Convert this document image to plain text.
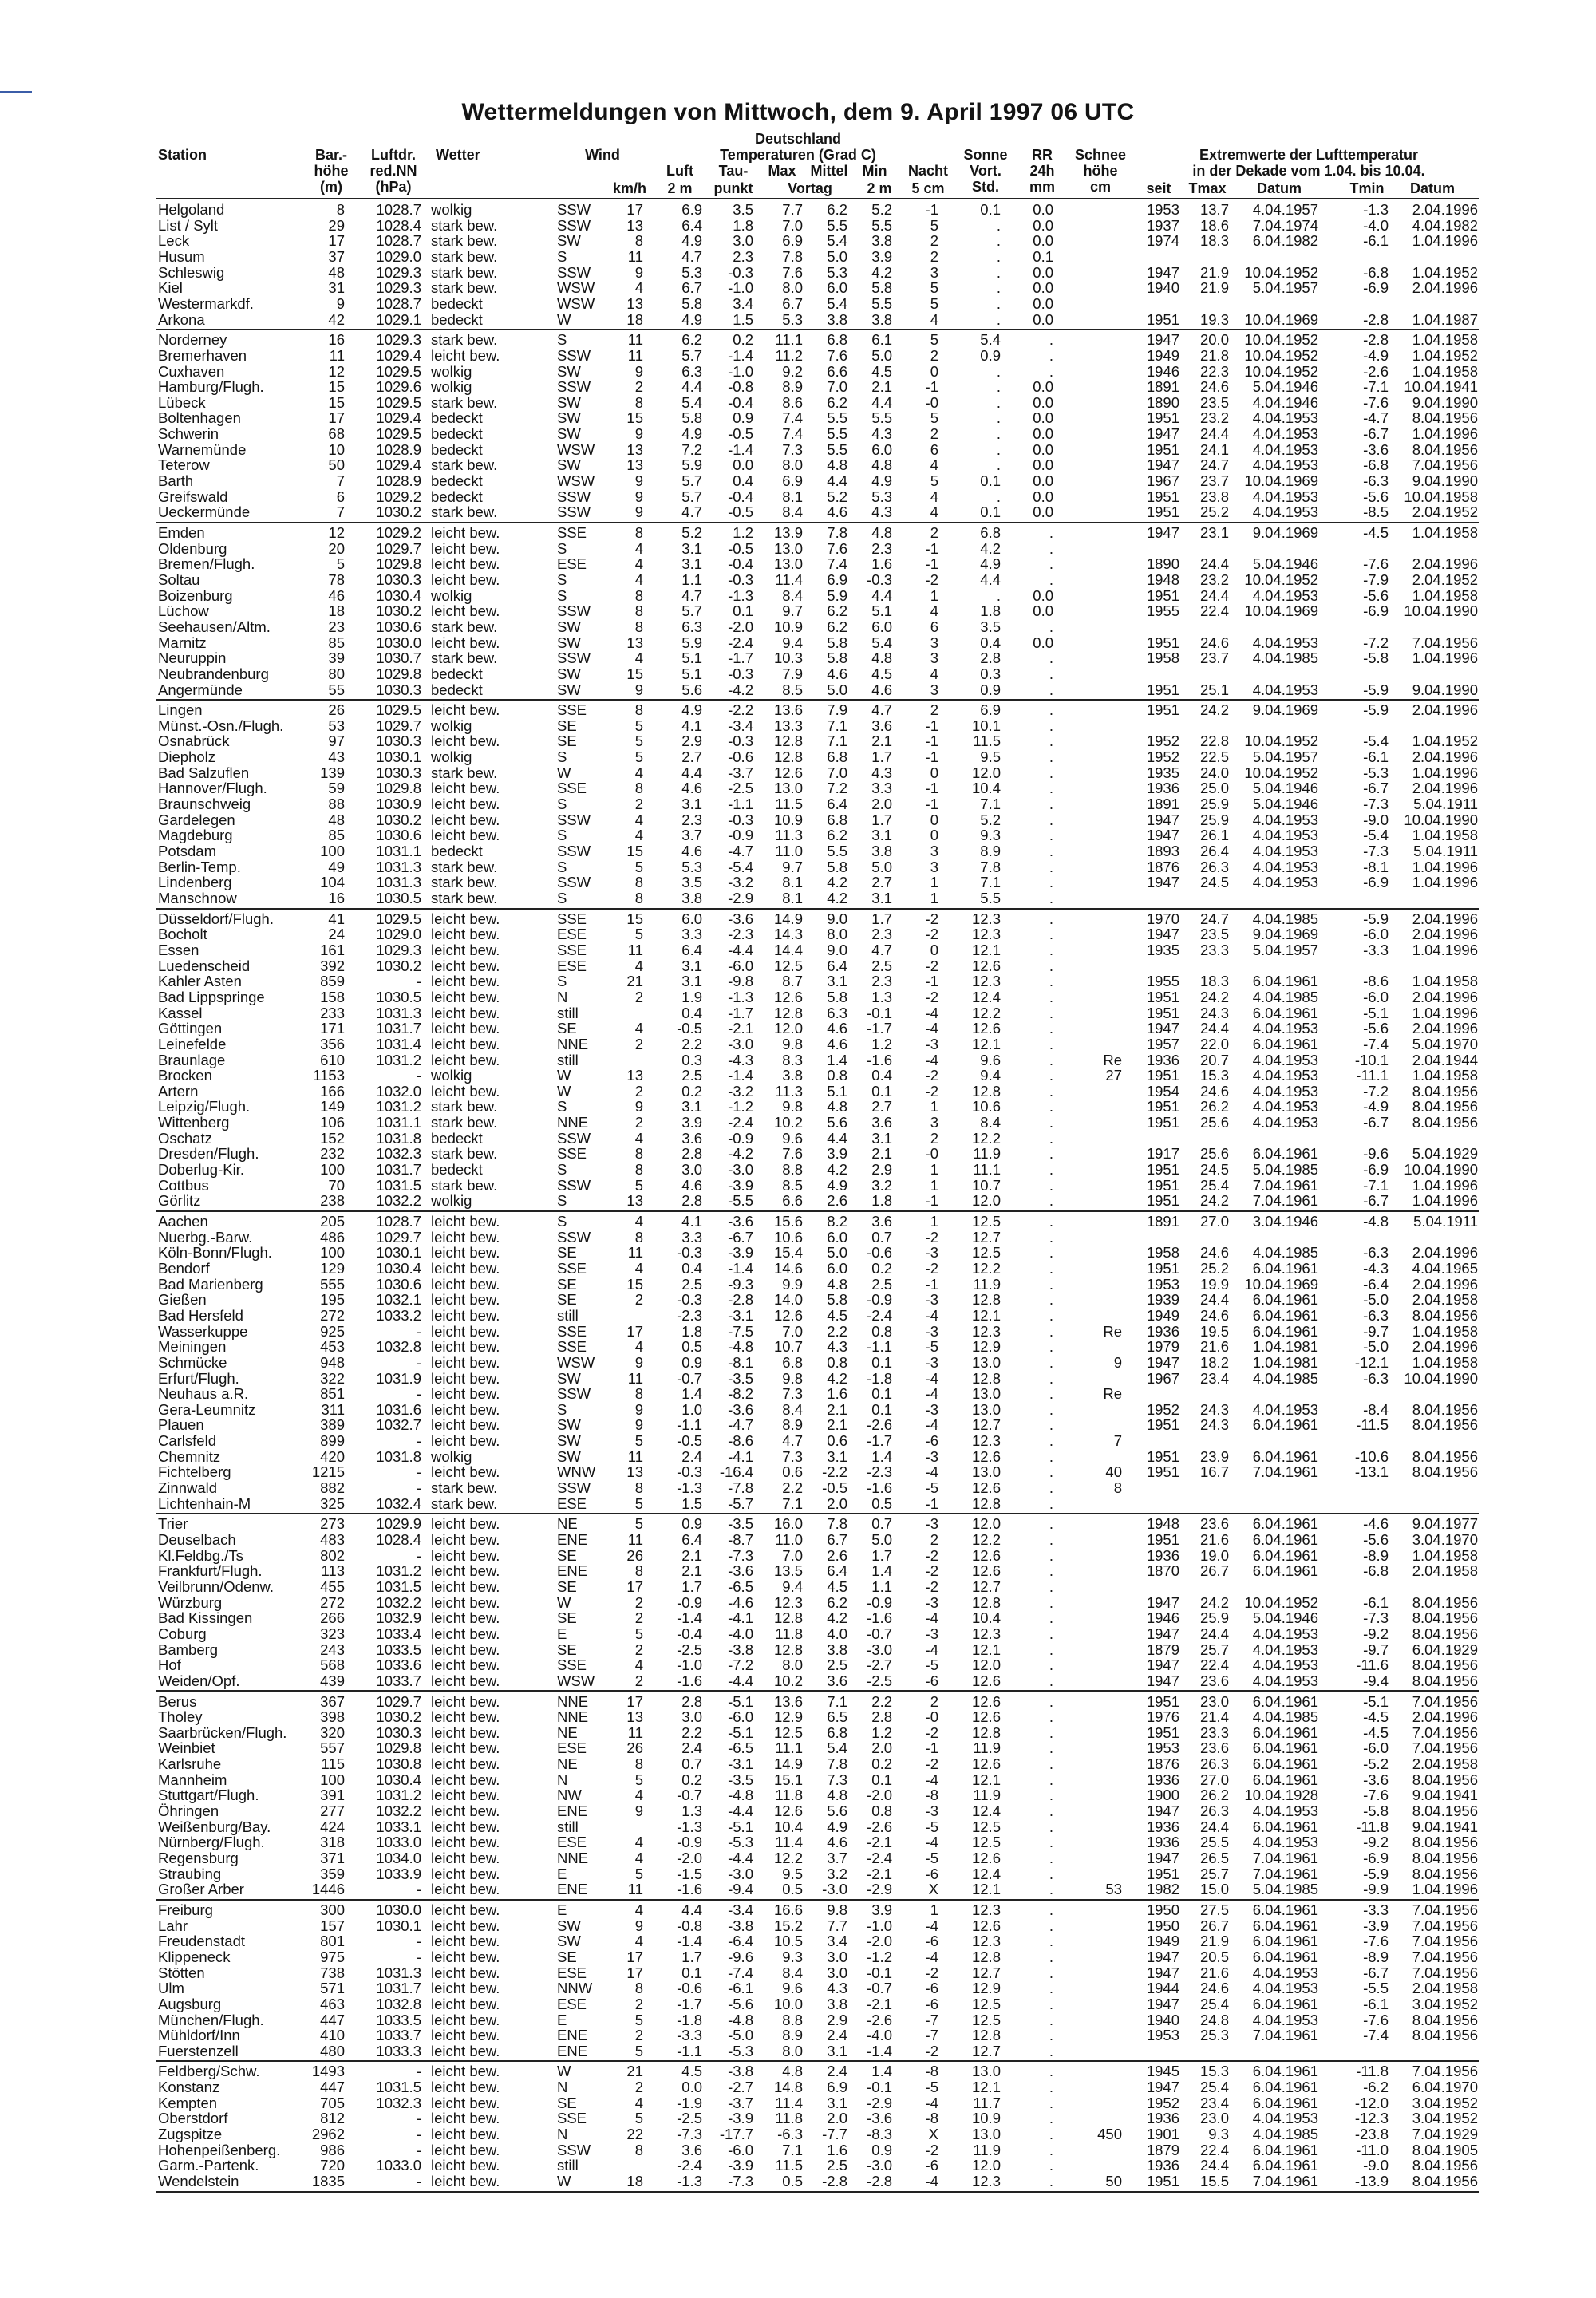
Wettermeldungen von Mittwoch, dem 9. April 1997 06 UTC
Station	Bar.-
höhe
(m)
Luftdr.
red.NN
(hPa)
Wetter	Wind
km/h
Deutschland
Temperaturen (Grad C)
Luft
2 m
Tau-
punkt
Max	Mittel	Min
Vortag	2 m
Nacht
5 cm
Sonne
Vort.
Std.
RR
24h
mm
Schnee
höhe
cm
Extremwerte der Lufttemperatur
in der Dekade vom 1.04. bis 10.04.
seit	Tmax	Datum	Tmin	Datum
Helgoland	8	1028.7 wolkig	SSW	17	6.9	3.5	7.7	6.2	5.2	-1	0.1	0.0	1953	13.7	4.04.1957	-1.3	2.04.1996
List / Sylt	29	1028.4 stark bew.	SSW	13	6.4	1.8	7.0	5.5	5.5	5	.	0.0	1937	18.6	7.04.1974	-4.0	4.04.1982
Leck	17	1028.7 stark bew.	SW	8	4.9	3.0	6.9	5.4	3.8	2	.	0.0	1974	18.3	6.04.1982	-6.1	1.04.1996
Husum	37	1029.0 stark bew.	S	11	4.7	2.3	7.8	5.0	3.9	2	.	0.1
Schleswig	48	1029.3 stark bew.	SSW	9	5.3	-0.3	7.6	5.3	4.2	3	.	0.0	1947	21.9	10.04.1952	-6.8	1.04.1952
Kiel	31	1029.3 stark bew.	WSW	4	6.7	-1.0	8.0	6.0	5.8	5	.	0.0	1940	21.9	5.04.1957	-6.9	2.04.1996
Westermarkdf.	9	1028.7 bedeckt	WSW	13	5.8	3.4	6.7	5.4	5.5	5	.	0.0
Arkona	42	1029.1 bedeckt	W	18	4.9	1.5	5.3	3.8	3.8	4	.	0.0	1951	19.3	10.04.1969	-2.8	1.04.1987
Norderney	16	1029.3 stark bew.	S	11	6.2	0.2	11.1	6.8	6.1	5	5.4	.	1947	20.0	10.04.1952	-2.8	1.04.1958
Bremerhaven	11	1029.4 leicht bew.	SSW	11	5.7	-1.4	11.2	7.6	5.0	2	0.9	.	1949	21.8	10.04.1952	-4.9	1.04.1952
Cuxhaven	12	1029.5 wolkig	SW	9	6.3	-1.0	9.2	6.6	4.5	0	.	.	1946	22.3	10.04.1952	-2.6	1.04.1958
Hamburg/Flugh.	15	1029.6 wolkig	SSW	2	4.4	-0.8	8.9	7.0	2.1	-1	.	0.0	1891	24.6	5.04.1946	-7.1	10.04.1941
Lübeck	15	1029.5 stark bew.	SW	8	5.4	-0.4	8.6	6.2	4.4	-0	.	0.0	1890	23.5	4.04.1946	-7.6	9.04.1990
Boltenhagen	17	1029.4 bedeckt	SW	15	5.8	0.9	7.4	5.5	5.5	5	.	0.0	1951	23.2	4.04.1953	-4.7	8.04.1956
Schwerin	68	1029.5 bedeckt	SW	9	4.9	-0.5	7.4	5.5	4.3	2	.	0.0	1947	24.4	4.04.1953	-6.7	1.04.1996
Warnemünde	10	1028.9 bedeckt	WSW	13	7.2	-1.4	7.3	5.5	6.0	6	.	0.0	1951	24.1	4.04.1953	-3.6	8.04.1956
Teterow	50	1029.4 stark bew.	SW	13	5.9	0.0	8.0	4.8	4.8	4	.	0.0	1947	24.7	4.04.1953	-6.8	7.04.1956
Barth	7	1028.9 bedeckt	WSW	9	5.7	0.4	6.9	4.4	4.9	5	0.1	0.0	1967	23.7	10.04.1969	-6.3	9.04.1990
Greifswald	6	1029.2 bedeckt	SSW	9	5.7	-0.4	8.1	5.2	5.3	4	.	0.0	1951	23.8	4.04.1953	-5.6	10.04.1958
Ueckermünde	7	1030.2 stark bew.	SSW	9	4.7	-0.5	8.4	4.6	4.3	4	0.1	0.0	1951	25.2	4.04.1953	-8.5	2.04.1952
Emden	12	1029.2 leicht bew.	SSE	8	5.2	1.2	13.9	7.8	4.8	2	6.8	.	1947	23.1	9.04.1969	-4.5	1.04.1958
Oldenburg	20	1029.7 leicht bew.	S	4	3.1	-0.5	13.0	7.6	2.3	-1	4.2	.
Bremen/Flugh.	5	1029.8 leicht bew.	ESE	4	3.1	-0.4	13.0	7.4	1.6	-1	4.9	.	1890	24.4	5.04.1946	-7.6	2.04.1996
Soltau	78	1030.3 leicht bew.	S	4	1.1	-0.3	11.4	6.9	-0.3	-2	4.4	.	1948	23.2	10.04.1952	-7.9	2.04.1952
Boizenburg	46	1030.4 wolkig	S	8	4.7	-1.3	8.4	5.9	4.4	1	.	0.0	1951	24.4	4.04.1953	-5.6	1.04.1958
Lüchow	18	1030.2 leicht bew.	SSW	8	5.7	0.1	9.7	6.2	5.1	4	1.8	0.0	1955	22.4	10.04.1969	-6.9	10.04.1990
Seehausen/Altm.	23	1030.6 stark bew.	SW	8	6.3	-2.0	10.9	6.2	6.0	6	3.5	.
Marnitz	85	1030.0 leicht bew.	SW	13	5.9	-2.4	9.4	5.8	5.4	3	0.4	0.0	1951	24.6	4.04.1953	-7.2	7.04.1956
Neuruppin	39	1030.7 stark bew.	SSW	4	5.1	-1.7	10.3	5.8	4.8	3	2.8	.	1958	23.7	4.04.1985	-5.8	1.04.1996
Neubrandenburg	80	1029.8 bedeckt	SW	15	5.1	-0.3	7.9	4.6	4.5	4	0.3	.
Angermünde	55	1030.3 bedeckt	SW	9	5.6	-4.2	8.5	5.0	4.6	3	0.9	.	1951	25.1	4.04.1953	-5.9	9.04.1990
Lingen	26	1029.5 leicht bew.	SSE	8	4.9	-2.2	13.6	7.9	4.7	2	6.9	.	1951	24.2	9.04.1969	-5.9	2.04.1996
Münst.-Osn./Flugh.	53	1029.7 wolkig	SE	5	4.1	-3.4	13.3	7.1	3.6	-1	10.1	.
Osnabrück	97	1030.3 leicht bew.	SE	5	2.9	-0.3	12.8	7.1	2.1	-1	11.5	.	1952	22.8	10.04.1952	-5.4	1.04.1952
Diepholz	43	1030.1 wolkig	S	5	2.7	-0.6	12.8	6.8	1.7	-1	9.5	.	1952	22.5	5.04.1957	-6.1	2.04.1996
Bad Salzuflen	139	1030.3 stark bew.	W	4	4.4	-3.7	12.6	7.0	4.3	0	12.0	.	1935	24.0	10.04.1952	-5.3	1.04.1996
Hannover/Flugh.	59	1029.8 leicht bew.	SSE	8	4.6	-2.5	13.0	7.2	3.3	-1	10.4	.	1936	25.0	5.04.1946	-6.7	2.04.1996
Braunschweig	88	1030.9 leicht bew.	S	2	3.1	-1.1	11.5	6.4	2.0	-1	7.1	.	1891	25.9	5.04.1946	-7.3	5.04.1911
Gardelegen	48	1030.2 leicht bew.	SSW	4	2.3	-0.3	10.9	6.8	1.7	0	5.2	.	1947	25.9	4.04.1953	-9.0	10.04.1990
Magdeburg	85	1030.6 leicht bew.	S	4	3.7	-0.9	11.3	6.2	3.1	0	9.3	.	1947	26.1	4.04.1953	-5.4	1.04.1958
Potsdam	100	1031.1 bedeckt	SSW	15	4.6	-4.7	11.0	5.5	3.8	3	8.9	.	1893	26.4	4.04.1953	-7.3	5.04.1911
Berlin-Temp.	49	1031.3 stark bew.	S	5	5.3	-5.4	9.7	5.8	5.0	3	7.8	.	1876	26.3	4.04.1953	-8.1	1.04.1996
Lindenberg	104	1031.3 stark bew.	SSW	8	3.5	-3.2	8.1	4.2	2.7	1	7.1	.	1947	24.5	4.04.1953	-6.9	1.04.1996
Manschnow	16	1030.5 stark bew.	S	8	3.8	-2.9	8.1	4.2	3.1	1	5.5	.
Düsseldorf/Flugh.	41	1029.5 leicht bew.	SSE	15	6.0	-3.6	14.9	9.0	1.7	-2	12.3	.	1970	24.7	4.04.1985	-5.9	2.04.1996
Bocholt	24	1029.0 leicht bew.	ESE	5	3.3	-2.3	14.3	8.0	2.3	-2	12.3	.	1947	23.5	9.04.1969	-6.0	2.04.1996
Essen	161	1029.3 leicht bew.	SSE	11	6.4	-4.4	14.4	9.0	4.7	0	12.1	.	1935	23.3	5.04.1957	-3.3	1.04.1996
Luedenscheid	392	1030.2 leicht bew.	ESE	4	3.1	-6.0	12.5	6.4	2.5	-2	12.6	.
Kahler Asten	859	- leicht bew.	S	21	3.1	-9.8	8.7	3.1	2.3	-1	12.3	.	1955	18.3	6.04.1961	-8.6	1.04.1958
Bad Lippspringe	158	1030.5 leicht bew.	N	2	1.9	-1.3	12.6	5.8	1.3	-2	12.4	.	1951	24.2	4.04.1985	-6.0	2.04.1996
Kassel	233	1031.3 leicht bew.	still	0.4	-1.7	12.8	6.3	-0.1	-4	12.2	.	1951	24.3	6.04.1961	-5.1	1.04.1996
Göttingen	171	1031.7 leicht bew.	SE	4	-0.5	-2.1	12.0	4.6	-1.7	-4	12.6	.	1947	24.4	4.04.1953	-5.6	2.04.1996
Leinefelde	356	1031.4 leicht bew.	NNE	2	2.2	-3.0	9.8	4.6	1.2	-3	12.1	.	1957	22.0	6.04.1961	-7.4	5.04.1970
Braunlage	610	1031.2 leicht bew.	still	0.3	-4.3	8.3	1.4	-1.6	-4	9.6	.	Re	1936	20.7	4.04.1953	-10.1	2.04.1944
Brocken	1153	- wolkig	W	13	2.5	-1.4	3.8	0.8	0.4	-2	9.4	.	27	1951	15.3	4.04.1953	-11.1	1.04.1958
Artern	166	1032.0 leicht bew.	W	2	0.2	-3.2	11.3	5.1	0.1	-2	12.8	.	1954	24.6	4.04.1953	-7.2	8.04.1956
Leipzig/Flugh.	149	1031.2 stark bew.	S	9	3.1	-1.2	9.8	4.8	2.7	1	10.6	.	1951	26.2	4.04.1953	-4.9	8.04.1956
Wittenberg	106	1031.1 stark bew.	NNE	2	3.9	-2.4	10.2	5.6	3.6	3	8.4	.	1951	25.6	4.04.1953	-6.7	8.04.1956
Oschatz	152	1031.8 bedeckt	SSW	4	3.6	-0.9	9.6	4.4	3.1	2	12.2	.
Dresden/Flugh.	232	1032.3 stark bew.	SSE	8	2.8	-4.2	7.6	3.9	2.1	-0	11.9	.	1917	25.6	6.04.1961	-9.6	5.04.1929
Doberlug-Kir.	100	1031.7 bedeckt	S	8	3.0	-3.0	8.8	4.2	2.9	1	11.1	.	1951	24.5	5.04.1985	-6.9	10.04.1990
Cottbus	70	1031.5 stark bew.	SSW	5	4.6	-3.9	8.5	4.9	3.2	1	10.7	.	1951	25.4	7.04.1961	-7.1	1.04.1996
Görlitz	238	1032.2 wolkig	S	13	2.8	-5.5	6.6	2.6	1.8	-1	12.0	.	1951	24.2	7.04.1961	-6.7	1.04.1996
Aachen	205	1028.7 leicht bew.	S	4	4.1	-3.6	15.6	8.2	3.6	1	12.5	.	1891	27.0	3.04.1946	-4.8	5.04.1911
Nuerbg.-Barw.	486	1029.7 leicht bew.	SSW	8	3.3	-6.7	10.6	6.0	0.7	-2	12.7	.
Köln-Bonn/Flugh.	100	1030.1 leicht bew.	SE	11	-0.3	-3.9	15.4	5.0	-0.6	-3	12.5	.	1958	24.6	4.04.1985	-6.3	2.04.1996
Bendorf	129	1030.4 leicht bew.	SSE	4	0.4	-1.4	14.6	6.0	0.2	-2	12.2	.	1951	25.2	6.04.1961	-4.3	4.04.1965
Bad Marienberg	555	1030.6 leicht bew.	SE	15	2.5	-9.3	9.9	4.8	2.5	-1	11.9	.	1953	19.9	10.04.1969	-6.4	2.04.1996
Gießen	195	1032.1 leicht bew.	SE	2	-0.3	-2.8	14.0	5.8	-0.9	-3	12.8	.	1939	24.4	6.04.1961	-5.0	2.04.1958
Bad Hersfeld	272	1033.2 leicht bew.	still	-2.3	-3.1	12.6	4.5	-2.4	-4	12.1	.	1949	24.6	6.04.1961	-6.3	8.04.1956
Wasserkuppe	925	- leicht bew.	SSE	17	1.8	-7.5	7.0	2.2	0.8	-3	12.3	.	Re	1936	19.5	6.04.1961	-9.7	1.04.1958
Meiningen	453	1032.8 leicht bew.	SSE	4	0.5	-4.8	10.7	4.3	-1.1	-5	12.9	.	1979	21.6	1.04.1981	-5.0	2.04.1996
Schmücke	948	- leicht bew.	WSW	9	0.9	-8.1	6.8	0.8	0.1	-3	13.0	.	9	1947	18.2	1.04.1981	-12.1	1.04.1958
Erfurt/Flugh.	322	1031.9 leicht bew.	SW	11	-0.7	-3.5	9.8	4.2	-1.8	-4	12.8	.	1967	23.4	4.04.1985	-6.3	10.04.1990
Neuhaus a.R.	851	- leicht bew.	SSW	8	1.4	-8.2	7.3	1.6	0.1	-4	13.0	.	Re
Gera-Leumnitz	311	1031.6 leicht bew.	S	9	1.0	-3.6	8.4	2.1	0.1	-3	13.0	.	1952	24.3	4.04.1953	-8.4	8.04.1956
Plauen	389	1032.7 leicht bew.	SW	9	-1.1	-4.7	8.9	2.1	-2.6	-4	12.7	.	1951	24.3	6.04.1961	-11.5	8.04.1956
Carlsfeld	899	- leicht bew.	SW	5	-0.5	-8.6	4.7	0.6	-1.7	-6	12.3	.	7
Chemnitz	420	1031.8 wolkig	SW	11	2.4	-4.1	7.3	3.1	1.4	-3	12.6	.	1951	23.9	6.04.1961	-10.6	8.04.1956
Fichtelberg	1215	- leicht bew.	WNW	13	-0.3	-16.4	0.6	-2.2	-2.3	-4	13.0	.	40	1951	16.7	7.04.1961	-13.1	8.04.1956
Zinnwald	882	- stark bew.	SSW	8	-1.3	-7.8	2.2	-0.5	-1.6	-5	12.6	.	8
Lichtenhain-M	325	1032.4 stark bew.	ESE	5	1.5	-5.7	7.1	2.0	0.5	-1	12.8	.
Trier	273	1029.9 leicht bew.	NE	5	0.9	-3.5	16.0	7.8	0.7	-3	12.0	.	1948	23.6	6.04.1961	-4.6	9.04.1977
Deuselbach	483	1028.4 leicht bew.	ENE	11	6.4	-8.7	11.0	6.7	5.0	2	12.2	.	1951	21.6	6.04.1961	-5.6	3.04.1970
Kl.Feldbg./Ts	802	- leicht bew.	SE	26	2.1	-7.3	7.0	2.6	1.7	-2	12.6	.	1936	19.0	6.04.1961	-8.9	1.04.1958
Frankfurt/Flugh.	113	1031.2 leicht bew.	ENE	8	2.1	-3.6	13.5	6.4	1.4	-2	12.6	.	1870	26.7	6.04.1961	-6.8	2.04.1958
Veilbrunn/Odenw.	455	1031.5 leicht bew.	SE	17	1.7	-6.5	9.4	4.5	1.1	-2	12.7	.
Würzburg	272	1032.2 leicht bew.	W	2	-0.9	-4.6	12.3	6.2	-0.9	-3	12.8	.	1947	24.2	10.04.1952	-6.1	8.04.1956
Bad Kissingen	266	1032.9 leicht bew.	SE	2	-1.4	-4.1	12.8	4.2	-1.6	-4	10.4	.	1946	25.9	5.04.1946	-7.3	8.04.1956
Coburg	323	1033.4 leicht bew.	E	5	-0.4	-4.0	11.8	4.0	-0.7	-3	12.3	.	1947	24.4	4.04.1953	-9.2	8.04.1956
Bamberg	243	1033.5 leicht bew.	SE	2	-2.5	-3.8	12.8	3.8	-3.0	-4	12.1	.	1879	25.7	4.04.1953	-9.7	6.04.1929
Hof	568	1033.6 leicht bew.	SSE	4	-1.0	-7.2	8.0	2.5	-2.7	-5	12.0	.	1947	22.4	4.04.1953	-11.6	8.04.1956
Weiden/Opf.	439	1033.7 leicht bew.	WSW	2	-1.6	-4.4	10.2	3.6	-2.5	-6	12.6	.	1947	23.6	4.04.1953	-9.4	8.04.1956
Berus	367	1029.7 leicht bew.	NNE	17	2.8	-5.1	13.6	7.1	2.2	2	12.6	.	1951	23.0	6.04.1961	-5.1	7.04.1956
Tholey	398	1030.2 leicht bew.	NNE	13	3.0	-6.0	12.9	6.5	2.8	-0	12.6	.	1976	21.4	4.04.1985	-4.5	2.04.1996
Saarbrücken/Flugh.	320	1030.3 leicht bew.	NE	11	2.2	-5.1	12.5	6.8	1.2	-2	12.8	.	1951	23.3	6.04.1961	-4.5	7.04.1956
Weinbiet	557	1029.8 leicht bew.	ESE	26	2.4	-6.5	11.1	5.4	2.0	-1	11.9	.	1953	23.6	6.04.1961	-6.0	7.04.1956
Karlsruhe	115	1030.8 leicht bew.	NE	8	0.7	-3.1	14.9	7.8	0.2	-2	12.6	.	1876	26.3	6.04.1961	-5.2	2.04.1958
Mannheim	100	1030.4 leicht bew.	N	5	0.2	-3.5	15.1	7.3	0.1	-4	12.1	.	1936	27.0	6.04.1961	-3.6	8.04.1956
Stuttgart/Flugh.	391	1031.2 leicht bew.	NW	4	-0.7	-4.8	11.8	4.8	-2.0	-8	11.9	.	1900	26.2	10.04.1928	-7.6	9.04.1941
Öhringen	277	1032.2 leicht bew.	ENE	9	1.3	-4.4	12.6	5.6	0.8	-3	12.4	.	1947	26.3	4.04.1953	-5.8	8.04.1956
Weißenburg/Bay.	424	1033.1 leicht bew.	still	-1.3	-5.1	10.4	4.9	-2.6	-5	12.5	.	1936	24.4	6.04.1961	-11.8	9.04.1941
Nürnberg/Flugh.	318	1033.0 leicht bew.	ESE	4	-0.9	-5.3	11.4	4.6	-2.1	-4	12.5	.	1936	25.5	4.04.1953	-9.2	8.04.1956
Regensburg	371	1034.0 leicht bew.	NNE	4	-2.0	-4.4	12.2	3.7	-2.4	-5	12.6	.	1947	26.5	7.04.1961	-6.9	8.04.1956
Straubing	359	1033.9 leicht bew.	E	5	-1.5	-3.0	9.5	3.2	-2.1	-6	12.4	.	1951	25.7	7.04.1961	-5.9	8.04.1956
Großer Arber	1446	- leicht bew.	ENE	11	-1.6	-9.4	0.5	-3.0	-2.9	X	12.1	.	53	1982	15.0	5.04.1985	-9.9	1.04.1996
Freiburg	300	1030.0 leicht bew.	E	4	4.4	-3.4	16.6	9.8	3.9	1	12.3	.	1950	27.5	6.04.1961	-3.3	7.04.1956
Lahr	157	1030.1 leicht bew.	SW	9	-0.8	-3.8	15.2	7.7	-1.0	-4	12.6	.	1950	26.7	6.04.1961	-3.9	7.04.1956
Freudenstadt	801	- leicht bew.	SW	4	-1.4	-6.4	10.5	3.4	-2.0	-6	12.3	.	1949	21.9	6.04.1961	-7.6	7.04.1956
Klippeneck	975	- leicht bew.	SE	17	1.7	-9.6	9.3	3.0	-1.2	-4	12.8	.	1947	20.5	6.04.1961	-8.9	7.04.1956
Stötten	738	1031.3 leicht bew.	ESE	17	0.1	-7.4	8.4	3.0	-0.1	-2	12.7	.	1947	21.6	4.04.1953	-6.7	7.04.1956
Ulm	571	1031.7 leicht bew.	NNW	8	-0.6	-6.1	9.6	4.3	-0.7	-6	12.9	.	1944	24.6	4.04.1953	-5.5	2.04.1958
Augsburg	463	1032.8 leicht bew.	ESE	2	-1.7	-5.6	10.0	3.8	-2.1	-6	12.5	.	1947	25.4	6.04.1961	-6.1	3.04.1952
München/Flugh.	447	1033.5 leicht bew.	E	5	-1.8	-4.8	8.8	2.9	-2.6	-7	12.5	.	1940	24.8	4.04.1953	-7.6	8.04.1956
Mühldorf/Inn	410	1033.7 leicht bew.	ENE	2	-3.3	-5.0	8.9	2.4	-4.0	-7	12.8	.	1953	25.3	7.04.1961	-7.4	8.04.1956
Fuerstenzell	480	1033.3 leicht bew.	ENE	5	-1.1	-5.3	8.0	3.1	-1.4	-2	12.7	.
Feldberg/Schw.	1493	- leicht bew.	W	21	4.5	-3.8	4.8	2.4	1.4	-8	13.0	.	1945	15.3	6.04.1961	-11.8	7.04.1956
Konstanz	447	1031.5 leicht bew.	N	2	0.0	-2.7	14.8	6.9	-0.1	-5	12.1	.	1947	25.4	6.04.1961	-6.2	6.04.1970
Kempten	705	1032.3 leicht bew.	SE	4	-1.9	-3.7	11.4	3.1	-2.9	-4	11.7	.	1952	23.4	6.04.1961	-12.0	3.04.1952
Oberstdorf	812	- leicht bew.	SSE	5	-2.5	-3.9	11.8	2.0	-3.6	-8	10.9	.	1936	23.0	4.04.1953	-12.3	3.04.1952
Zugspitze	2962	- leicht bew.	N	22	-7.3	-17.7	-6.3	-7.7	-8.3	X	13.0	.	450	1901	9.3	4.04.1985	-23.8	7.04.1929
Hohenpeißenberg.	986	- leicht bew.	SSW	8	3.6	-6.0	7.1	1.6	0.9	-2	11.9	.	1879	22.4	6.04.1961	-11.0	8.04.1905
Garm.-Partenk.	720	1033.0 leicht bew.	still	-2.4	-3.9	11.5	2.5	-3.0	-6	12.0	.	1936	24.4	6.04.1961	-9.0	8.04.1956
Wendelstein	1835	- leicht bew.	W	18	-1.3	-7.3	0.5	-2.8	-2.8	-4	12.3	.	50	1951	15.5	7.04.1961	-13.9	8.04.1956
